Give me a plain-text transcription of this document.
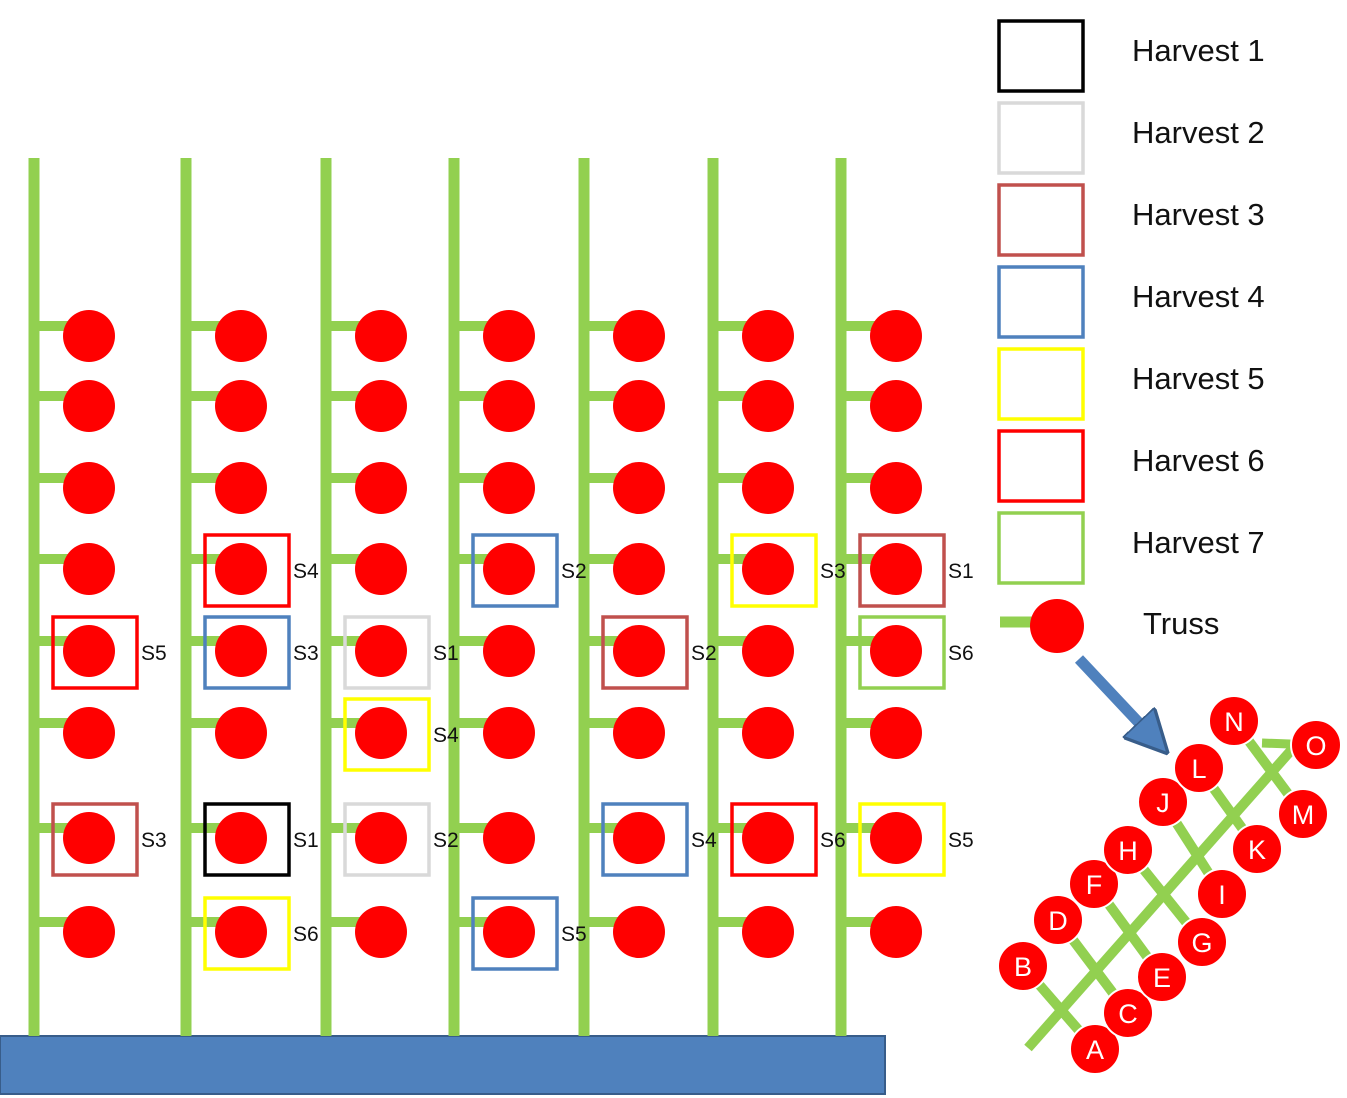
S5
S3
S4
S3
S1
S6
S1
S4
S2
S2
S5
S2
S4
S3
S6
S1
S6
S5
Harvest 1
Harvest 2
Harvest 3
Harvest 4
Harvest 5
Harvest 6
Harvest 7
Truss
A
B
C
D
E
F
G
H
I
J
K
L
M
N
O
